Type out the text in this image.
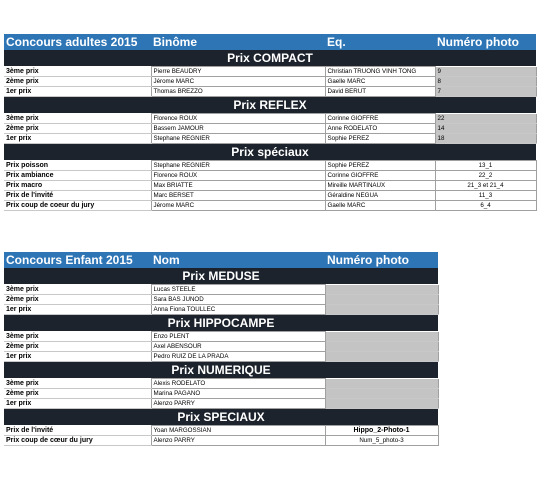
Concours adultes 2015	Binôme	Eq.	Numéro photo
Prix COMPACT			
3ème prix	Pierre BEAUDRY	Christian TRUONG VINH TONG	9
2ème prix	Jérome MARC	Gaelle MARC	8
1er prix	Thomas BREZZO	David BERUT	7
Prix REFLEX			
3ème prix	Florence ROUX	Corinne GIOFFRE	22
2ème prix	Bassem JAMOUR	Anne RODELATO	14
1er prix	Stephane REGNIER	Sophie PEREZ	18
Prix spéciaux			
Prix poisson	Stephane REGNIER	Sophie PEREZ	13_1
Prix ambiance	Florence ROUX	Corinne GIOFFRE	22_2
Prix macro	Max BRIATTE	Mireille MARTINAUX	21_3 et 21_4
Prix de l'invité	Marc BERSET	Géraldine NEGUA	11_3
Prix coup de coeur du jury	Jérome MARC	Gaelle MARC	6_4
Concours Enfant 2015	Nom	Numéro photo
Prix MEDUSE		
3ème prix	Lucas STEELE	
2ème prix	Sara BAS JUNOD	
1er prix	Anna Fiona TOULLEC	
Prix HIPPOCAMPE		
3ème prix	Enzo PLENT	
2ème prix	Axel ABENSOUR	
1er prix	Pedro RUIZ DE LA PRADA	
Prix NUMERIQUE		
3ème prix	Alexis RODELATO	
2ème prix	Marina PAGANO	
1er prix	Alenzo PARRY	
Prix SPECIAUX		
Prix de l'invité	Yoan MARGOSSIAN	Hippo_2-Photo-1
Prix coup de cœur du jury	Alenzo PARRY	Num_5_photo-3
